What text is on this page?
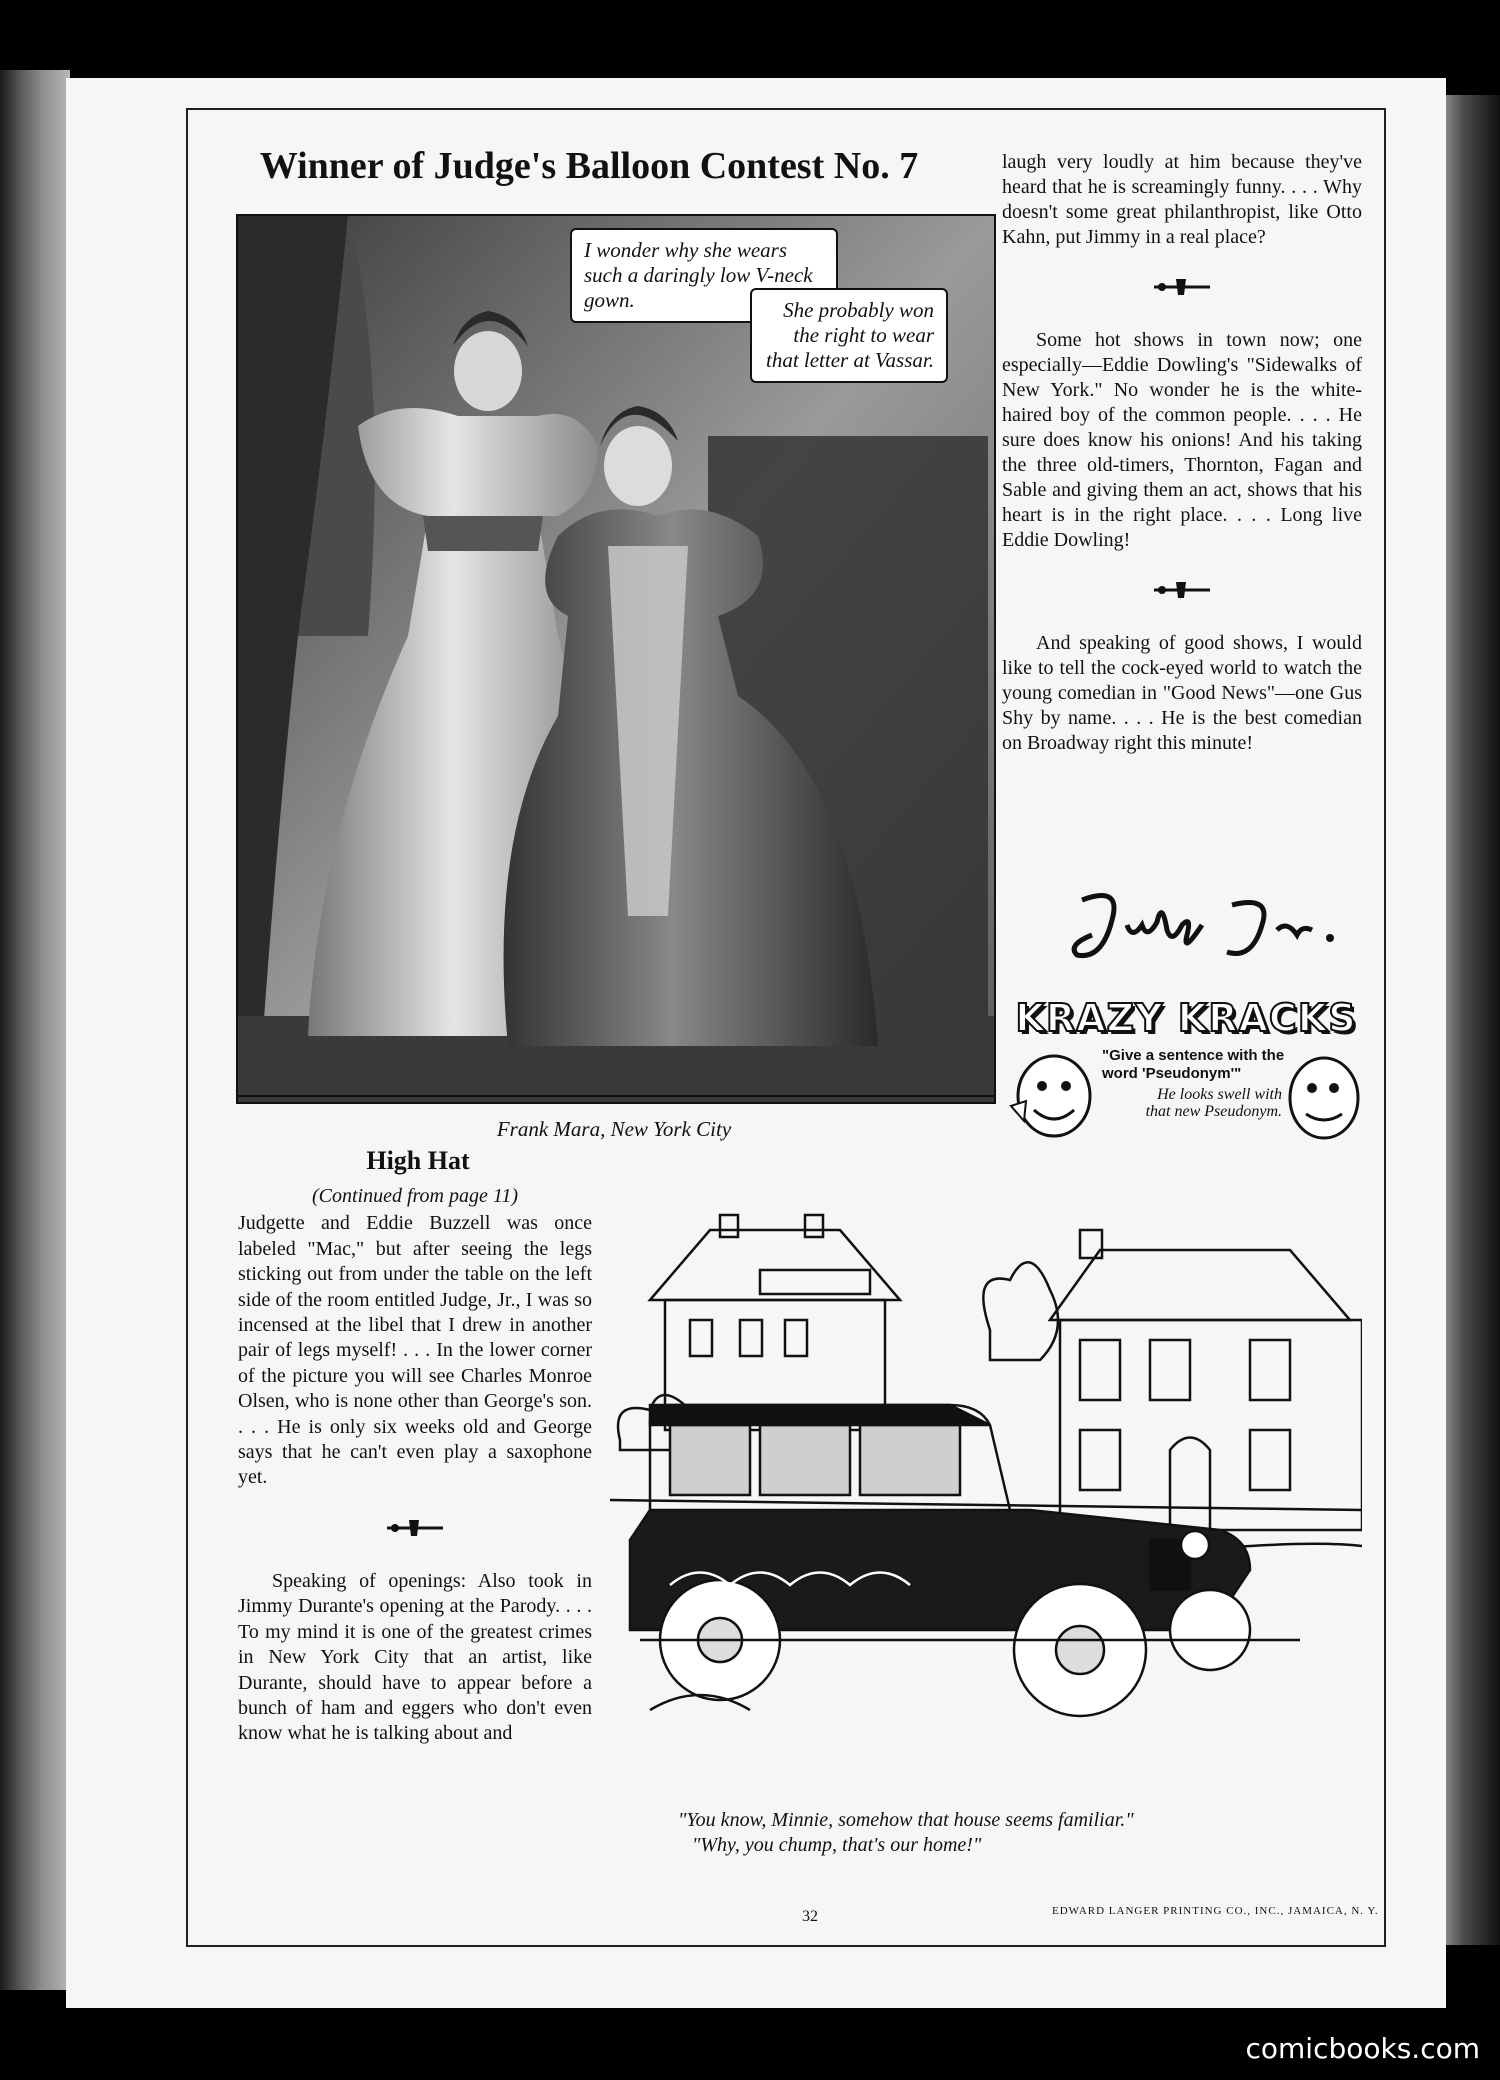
Winner of Judge's Balloon Contest No. 7
I wonder why she wears such a daringly low V-neck gown.	She probably won the right to wear that letter at Vassar.
Frank Mara, New York City

laugh very loudly at him because they've heard that he is screamingly funny. . . . Why doesn't some great philanthropist, like Otto Kahn, put Jimmy in a real place?

Some hot shows in town now; one especially—Eddie Dowling's "Sidewalks of New York." No wonder he is the white-haired boy of the common people. . . . He sure does know his onions! And his taking the three old-timers, Thornton, Fagan and Sable and giving them an act, shows that his heart is in the right place. . . . Long live Eddie Dowling!

And speaking of good shows, I would like to tell the cock-eyed world to watch the young comedian in "Good News"—one Gus Shy by name. . . . He is the best comedian on Broadway right this minute!

KRAZY KRACKS
"Give a sentence with the word 'Pseudonym'"
He looks swell with that new Pseudonym.
High Hat

(Continued from page 11)

Judgette and Eddie Buzzell was once labeled "Mac," but after seeing the legs sticking out from under the table on the left side of the room entitled Judge, Jr., I was so incensed at the libel that I drew in another pair of legs myself! . . . In the lower corner of the picture you will see Charles Monroe Olsen, who is none other than George's son. . . . He is only six weeks old and George says that he can't even play a saxophone yet.

Speaking of openings: Also took in Jimmy Durante's opening at the Parody. . . . To my mind it is one of the greatest crimes in New York City that an artist, like Durante, should have to appear before a bunch of ham and eggers who don't even know what he is talking about and

"You know, Minnie, somehow that house seems familiar."

"Why, you chump, that's our home!"

32	EDWARD LANGER PRINTING CO., INC., JAMAICA, N. Y.
comicbooks.com
